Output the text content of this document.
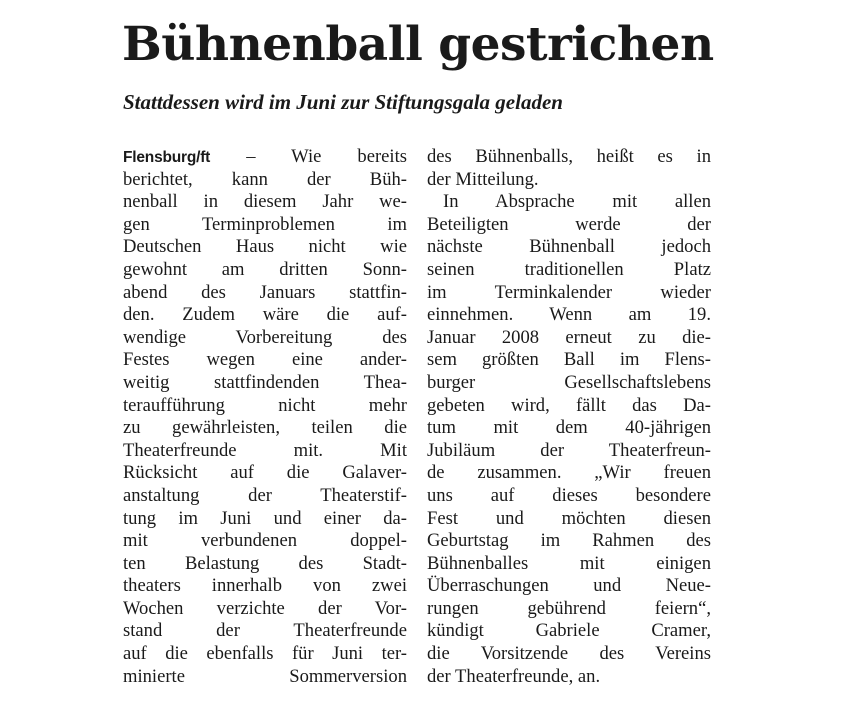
Bühnenball gestrichen
Stattdessen wird im Juni zur Stiftungsgala geladen
Flensburg/ft – Wie bereits
berichtet, kann der Büh-
nenball in diesem Jahr we-
gen Terminproblemen im
Deutschen Haus nicht wie
gewohnt am dritten Sonn-
abend des Januars stattfin-
den. Zudem wäre die auf-
wendige Vorbereitung des
Festes wegen eine ander-
weitig stattfindenden Thea-
teraufführung nicht mehr
zu gewährleisten, teilen die
Theaterfreunde mit. Mit
Rücksicht auf die Galaver-
anstaltung der Theaterstif-
tung im Juni und einer da-
mit verbundenen doppel-
ten Belastung des Stadt-
theaters innerhalb von zwei
Wochen verzichte der Vor-
stand der Theaterfreunde
auf die ebenfalls für Juni ter-
minierte Sommerversion
des Bühnenballs, heißt es in
der Mitteilung.
In Absprache mit allen
Beteiligten werde der
nächste Bühnenball jedoch
seinen traditionellen Platz
im Terminkalender wieder
einnehmen. Wenn am 19.
Januar 2008 erneut zu die-
sem größten Ball im Flens-
burger Gesellschaftslebens
gebeten wird, fällt das Da-
tum mit dem 40-jährigen
Jubiläum der Theaterfreun-
de zusammen. „Wir freuen
uns auf dieses besondere
Fest und möchten diesen
Geburtstag im Rahmen des
Bühnenballes mit einigen
Überraschungen und Neue-
rungen gebührend feiern“,
kündigt Gabriele Cramer,
die Vorsitzende des Vereins
der Theaterfreunde, an.
